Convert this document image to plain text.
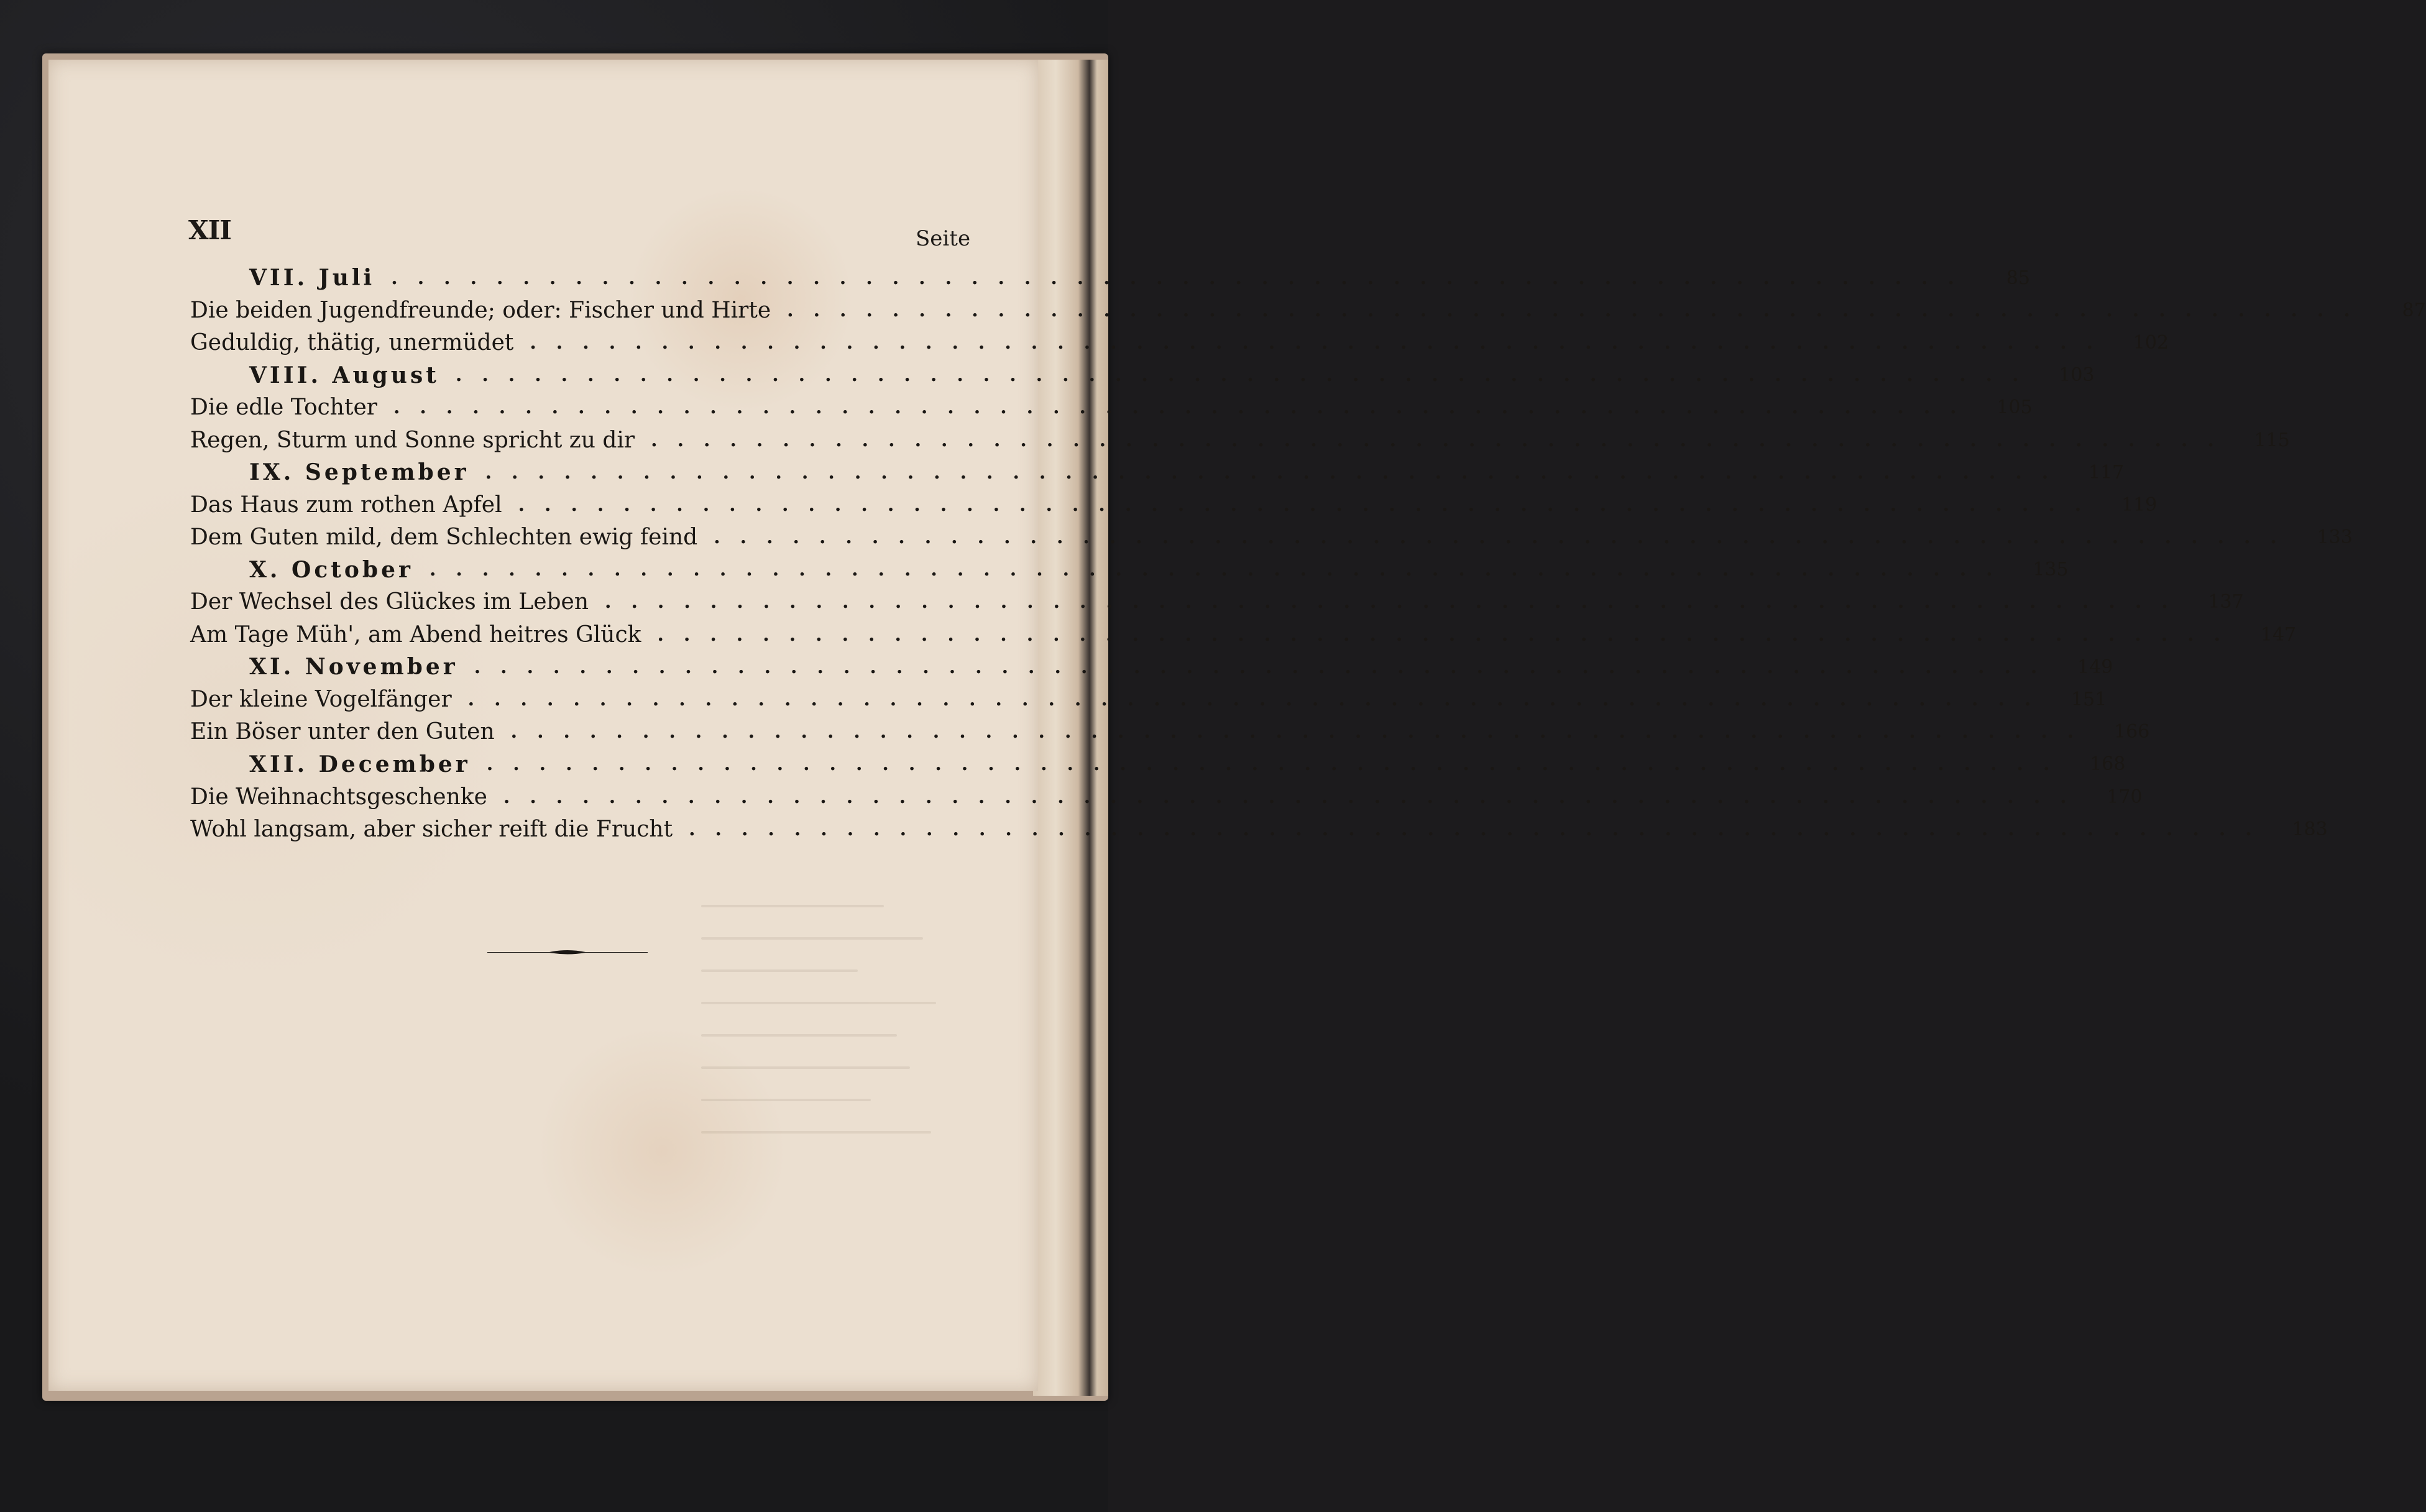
XII	Seite
VII. Juli ............................................................	85
Die beiden Jugendfreunde; oder: Fischer und Hirte ............................................................	87
Geduldig, thätig, unermüdet ............................................................	102
VIII. August ............................................................	103
Die edle Tochter ............................................................	105
Regen, Sturm und Sonne spricht zu dir ............................................................	115
IX. September ............................................................	117
Das Haus zum rothen Apfel ............................................................	119
Dem Guten mild, dem Schlechten ewig feind ............................................................	133
X. October ............................................................	135
Der Wechsel des Glückes im Leben ............................................................	137
Am Tage Müh', am Abend heitres Glück ............................................................	147
XI. November ............................................................	149
Der kleine Vogelfänger ............................................................	151
Ein Böser unter den Guten ............................................................	166
XII. December ............................................................	168
Die Weihnachtsgeschenke ............................................................	170
Wohl langsam, aber sicher reift die Frucht ............................................................	183
